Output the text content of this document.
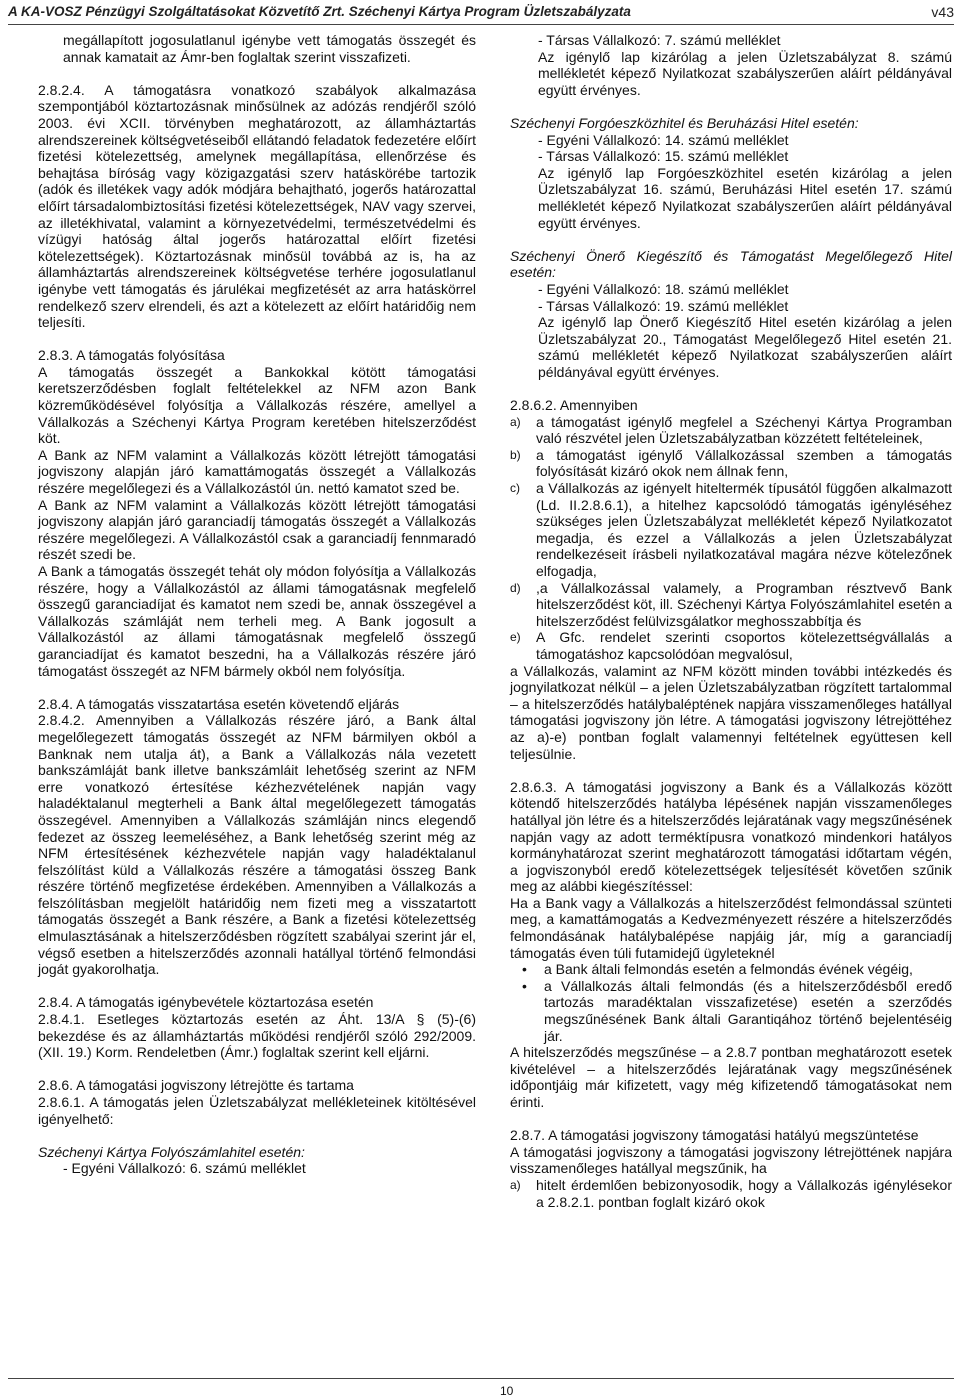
A KA-VOSZ Pénzügyi Szolgáltatásokat Közvetítő Zrt. Széchenyi Kártya Program Üzletszabályzata	v43

megállapított jogosulatlanul igénybe vett támogatás összegét és annak kamatait az Ámr-ben foglaltak szerint visszafizeti.

2.8.2.4. A támogatásra vonatkozó szabályok alkalmazása szempontjából köztartozásnak minősülnek az adózás rendjéről szóló 2003. évi XCII. törvényben meghatározott, az államháztartás alrendszereinek költségvetéseiből ellátandó feladatok fedezetére előírt fizetési kötelezettség, amelynek megállapítása, ellenőrzése és behajtása bíróság vagy közigazgatási szerv hatáskörébe tartozik (adók és illetékek vagy adók módjára behajtható, jogerős határozattal előírt társadalombiztosítási fizetési kötelezettségek, NAV vagy szervei, az illetékhivatal, valamint a környezetvédelmi, természetvédelmi és vízügyi hatóság által jogerős határozattal előírt fizetési kötelezettségek). Köztartozásnak minősül továbbá az is, ha az államháztartás alrendszereinek költségvetése terhére jogosulatlanul igénybe vett támogatás és járulékai megfizetését az arra hatáskörrel rendelkező szerv elrendeli, és azt a kötelezett az előírt határidőig nem teljesíti.

2.8.3. A támogatás folyósítása

A támogatás összegét a Bankokkal kötött támogatási keretszerződésben foglalt feltételekkel az NFM azon Bank közreműködésével folyósítja a Vállalkozás részére, amellyel a Vállalkozás a Széchenyi Kártya Program keretében hitelszerződést köt.

A Bank az NFM valamint a Vállalkozás között létrejött támogatási jogviszony alapján járó kamattámogatás összegét a Vállalkozás részére megelőlegezi és a Vállalkozástól ún. nettó kamatot szed be.

A Bank az NFM valamint a Vállalkozás között létrejött támogatási jogviszony alapján járó garanciadíj támogatás összegét a Vállalkozás részére megelőlegezi. A Vállalkozástól csak a garanciadíj fennmaradó részét szedi be.

A Bank a támogatás összegét tehát oly módon folyósítja a Vállalkozás részére, hogy a Vállalkozástól az állami támogatásnak megfelelő összegű garanciadíjat és kamatot nem szedi be, annak összegével a Vállalkozás számláját nem terheli meg. A Bank jogosult a Vállalkozástól az állami támogatásnak megfelelő összegű garanciadíjat és kamatot beszedni, ha a Vállalkozás részére járó támogatást összegét az NFM bármely okból nem folyósítja.

2.8.4. A támogatás visszatartása esetén követendő eljárás

2.8.4.2. Amennyiben a Vállalkozás részére járó, a Bank által megelőlegezett támogatás összegét az NFM bármilyen okból a Banknak nem utalja át), a Bank a Vállalkozás nála vezetett bankszámláját bank illetve bankszámláit lehetőség szerint az NFM erre vonatkozó értesítése kézhezvételének napján vagy haladéktalanul megterheli a Bank által megelőlegezett támogatás összegével. Amennyiben a Vállalkozás számláján nincs elegendő fedezet az összeg leemeléséhez, a Bank lehetőség szerint még az NFM értesítésének kézhezvétele napján vagy haladéktalanul felszólítást küld a Vállalkozás részére a támogatási összeg Bank részére történő megfizetése érdekében. Amennyiben a Vállalkozás a felszólításban megjelölt határidőig nem fizeti meg a visszatartott támogatás összegét a Bank részére, a Bank a fizetési kötelezettség elmulasztásának a hitelszerződésben rögzített szabályai szerint jár el, végső esetben a hitelszerződés azonnali hatállyal történő felmondási jogát gyakorolhatja.

2.8.4. A támogatás igénybevétele köztartozása esetén

2.8.4.1. Esetleges köztartozás esetén az Áht. 13/A § (5)-(6) bekezdése és az államháztartás működési rendjéről szóló 292/2009. (XII. 19.) Korm. Rendeletben (Ámr.) foglaltak szerint kell eljárni.

2.8.6. A támogatási jogviszony létrejötte és tartama

2.8.6.1. A támogatás jelen Üzletszabályzat mellékleteinek kitöltésével igényelhető:

Széchenyi Kártya Folyószámlahitel esetén:

- Egyéni Vállalkozó: 6. számú melléklet

- Társas Vállalkozó: 7. számú melléklet

Az igénylő lap kizárólag a jelen Üzletszabályzat 8. számú mellékletét képező Nyilatkozat szabályszerűen aláírt példányával együtt érvényes.

Széchenyi Forgóeszközhitel és Beruházási Hitel esetén:

- Egyéni Vállalkozó: 14. számú melléklet

- Társas Vállalkozó: 15. számú melléklet

Az igénylő lap Forgóeszközhitel esetén kizárólag a jelen Üzletszabályzat 16. számú, Beruházási Hitel esetén 17. számú mellékletét képező Nyilatkozat szabályszerűen aláírt példányával együtt érvényes.

Széchenyi Önerő Kiegészítő és Támogatást Megelőlegező Hitel esetén:

- Egyéni Vállalkozó: 18. számú melléklet

- Társas Vállalkozó: 19. számú melléklet

Az igénylő lap Önerő Kiegészítő Hitel esetén kizárólag a jelen Üzletszabályzat 20., Támogatást Megelőlegező Hitel esetén 21. számú mellékletét képező Nyilatkozat szabályszerűen aláírt példányával együtt érvényes.

2.8.6.2. Amennyiben

a) a támogatást igénylő megfelel a Széchenyi Kártya Programban való részvétel jelen Üzletszabályzatban közzétett feltételeinek,
b) a támogatást igénylő Vállalkozással szemben a támogatás folyósítását kizáró okok nem állnak fenn,
c) a Vállalkozás az igényelt hiteltermék típusától függően alkalmazott (Ld. II.2.8.6.1), a hitelhez kapcsolódó támogatás igényléséhez szükséges jelen Üzletszabályzat mellékletét képező Nyilatkozatot megadja, és ezzel a Vállalkozás a jelen Üzletszabályzat rendelkezéseit írásbeli nyilatkozatával magára nézve kötelezőnek elfogadja,
d) ,a Vállalkozással valamely, a Programban résztvevő Bank hitelszerződést köt, ill. Széchenyi Kártya Folyószámlahitel esetén a hitelszerződést felülvizsgálatkor meghosszabbítja és
e) A Gfc. rendelet szerinti csoportos kötelezettségvállalás a támogatáshoz kapcsolódóan megvalósul,

a Vállalkozás, valamint az NFM között minden további intézkedés és jognyilatkozat nélkül – a jelen Üzletszabályzatban rögzített tartalommal – a hitelszerződés hatálybaléptének napjára visszamenőleges hatállyal támogatási jogviszony jön létre. A támogatási jogviszony létrejöttéhez az a)-e) pontban foglalt valamennyi feltételnek együttesen kell teljesülnie.

2.8.6.3. A támogatási jogviszony a Bank és a Vállalkozás között kötendő hitelszerződés hatályba lépésének napján visszamenőleges hatállyal jön létre és a hitelszerződés lejáratának vagy megszűnésének napján vagy az adott terméktípusra vonatkozó mindenkori hatályos kormányhatározat szerint meghatározott támogatási időtartam végén, a jogviszonyból eredő kötelezettségek teljesítését követően szűnik meg az alábbi kiegészítéssel:

Ha a Bank vagy a Vállalkozás a hitelszerződést felmondással szünteti meg, a kamattámogatás a Kedvezményezett részére a hitelszerződés felmondásának hatálybalépése napjáig jár, míg a garanciadíj támogatás éven túli futamidejű ügyleteknél

• a Bank általi felmondás esetén a felmondás évének végéig,
• a Vállalkozás általi felmondás (és a hitelszerződésből eredő tartozás maradéktalan visszafizetése) esetén a szerződés megszűnésének Bank általi Garantiqához történő bejelentéséig jár.

A hitelszerződés megszűnése – a 2.8.7 pontban meghatározott esetek kivételével – a hitelszerződés lejáratának vagy megszűnésének időpontjáig már kifizetett, vagy még kifizetendő támogatásokat nem érinti.

2.8.7. A támogatási jogviszony támogatási hatályú megszüntetése

A támogatási jogviszony a támogatási jogviszony létrejöttének napjára visszamenőleges hatállyal megszűnik, ha

a) hitelt érdemlően bebizonyosodik, hogy a Vállalkozás igénylésekor a 2.8.2.1. pontban foglalt kizáró okok
10
